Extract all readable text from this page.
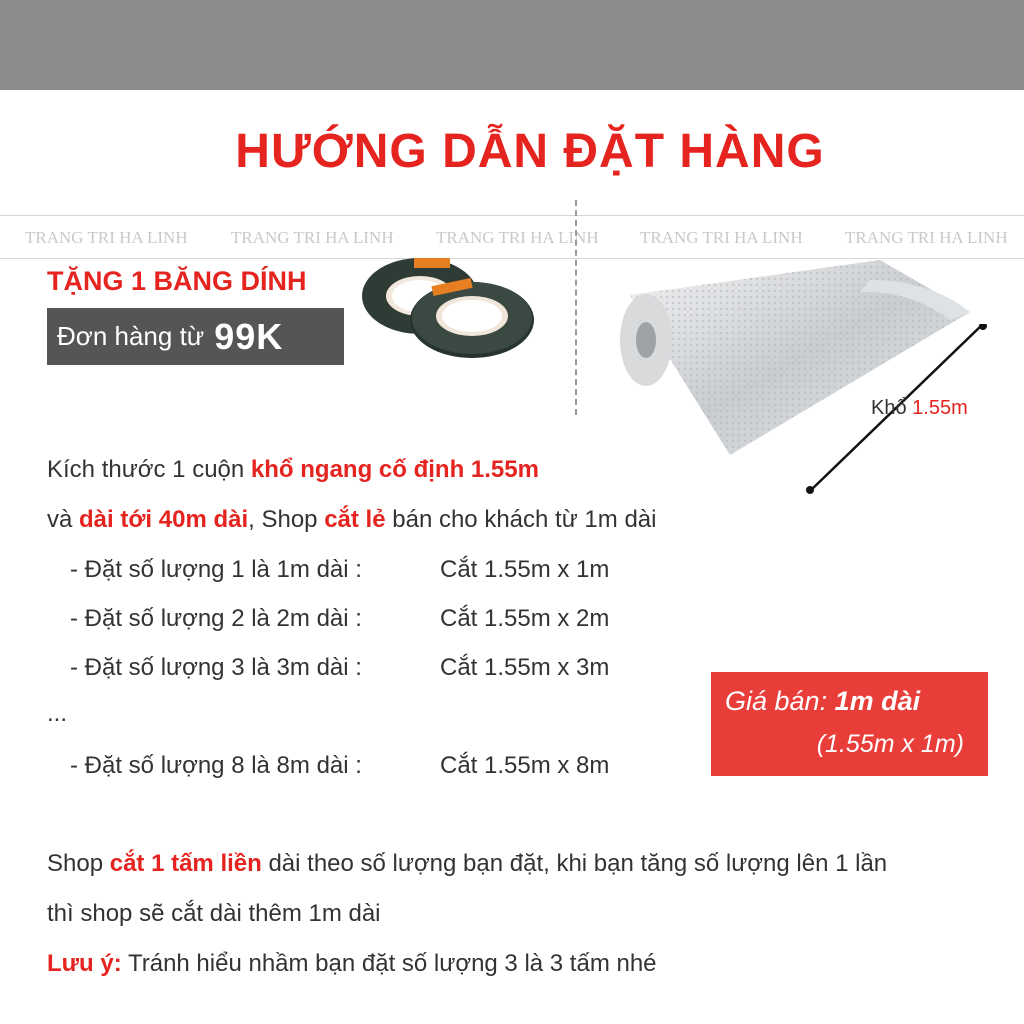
HƯỚNG DẪN ĐẶT HÀNG
TRANG TRI HA LINH	TRANG TRI HA LINH TRANG TRI HA LINH TRANG TRI HA LINH TRANG TRI HA LINH
TẶNG 1 BĂNG DÍNH
Đơn hàng từ 99K
Khổ 1.55m
Kích thước 1 cuộn khổ ngang cố định 1.55m
và dài tới 40m dài, Shop cắt lẻ bán cho khách từ 1m dài
- Đặt số lượng 1 là 1m dài :	Cắt 1.55m x 1m
- Đặt số lượng 2 là 2m dài :	Cắt 1.55m x 2m
- Đặt số lượng 3 là 3m dài :	Cắt 1.55m x 3m
...
- Đặt số lượng 8 là 8m dài :	Cắt 1.55m x 8m
Giá bán: 1m dài
(1.55m x 1m)
Shop cắt 1 tấm liền dài theo số lượng bạn đặt, khi bạn tăng số lượng lên 1 lần
thì shop sẽ cắt dài thêm 1m dài
Lưu ý: Tránh hiểu nhầm bạn đặt số lượng 3 là 3 tấm nhé
